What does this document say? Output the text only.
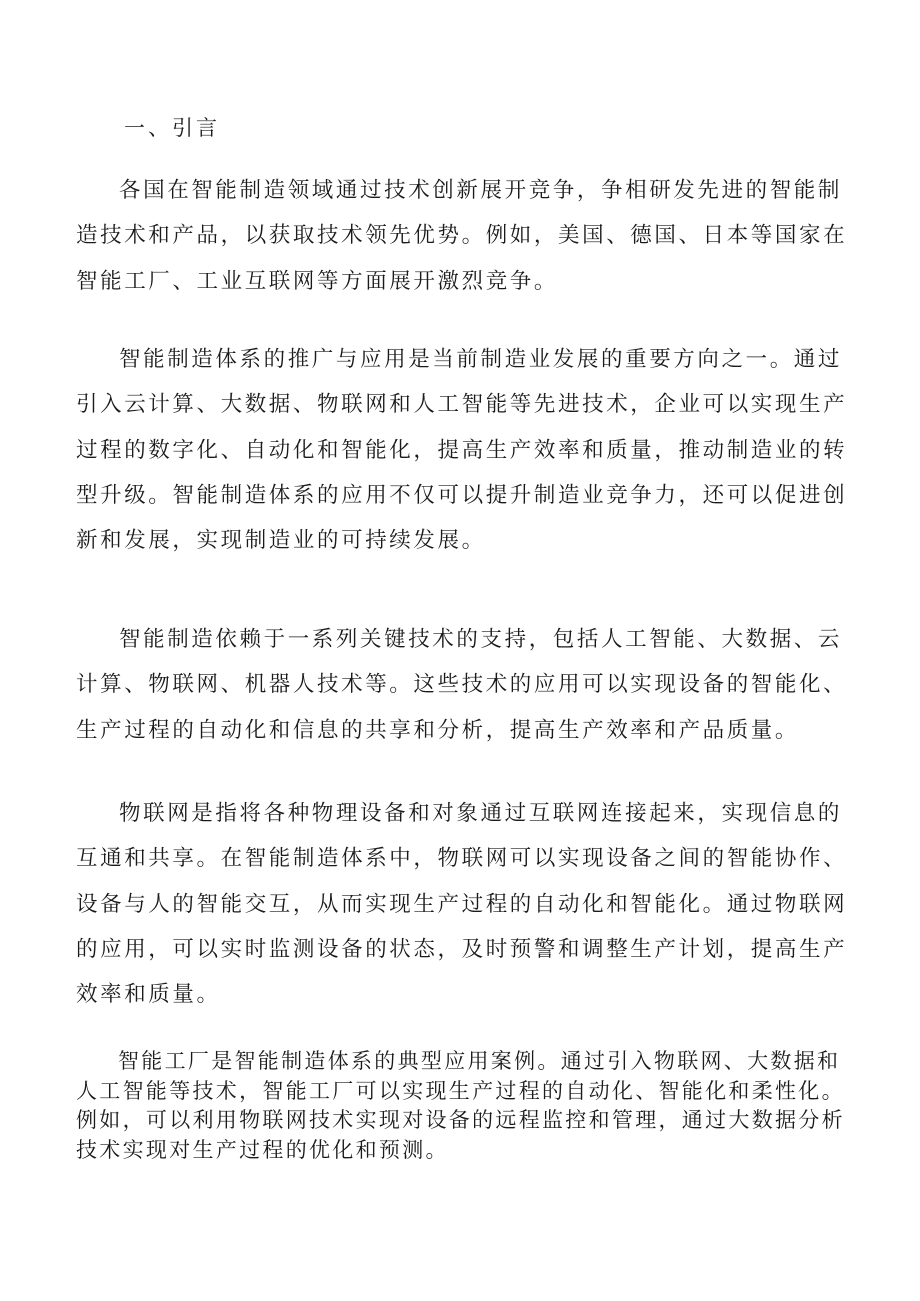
一、引言

各国在智能制造领域通过技术创新展开竞争，争相研发先进的智能制造技术和产品，以获取技术领先优势。例如，美国、德国、日本等国家在智能工厂、工业互联网等方面展开激烈竞争。

智能制造体系的推广与应用是当前制造业发展的重要方向之一。通过引入云计算、大数据、物联网和人工智能等先进技术，企业可以实现生产过程的数字化、自动化和智能化，提高生产效率和质量，推动制造业的转型升级。智能制造体系的应用不仅可以提升制造业竞争力，还可以促进创新和发展，实现制造业的可持续发展。

智能制造依赖于一系列关键技术的支持，包括人工智能、大数据、云计算、物联网、机器人技术等。这些技术的应用可以实现设备的智能化、生产过程的自动化和信息的共享和分析，提高生产效率和产品质量。

物联网是指将各种物理设备和对象通过互联网连接起来，实现信息的互通和共享。在智能制造体系中，物联网可以实现设备之间的智能协作、设备与人的智能交互，从而实现生产过程的自动化和智能化。通过物联网的应用，可以实时监测设备的状态，及时预警和调整生产计划，提高生产效率和质量。

智能工厂是智能制造体系的典型应用案例。通过引入物联网、大数据和人工智能等技术，智能工厂可以实现生产过程的自动化、智能化和柔性化。例如，可以利用物联网技术实现对设备的远程监控和管理，通过大数据分析技术实现对生产过程的优化和预测。
